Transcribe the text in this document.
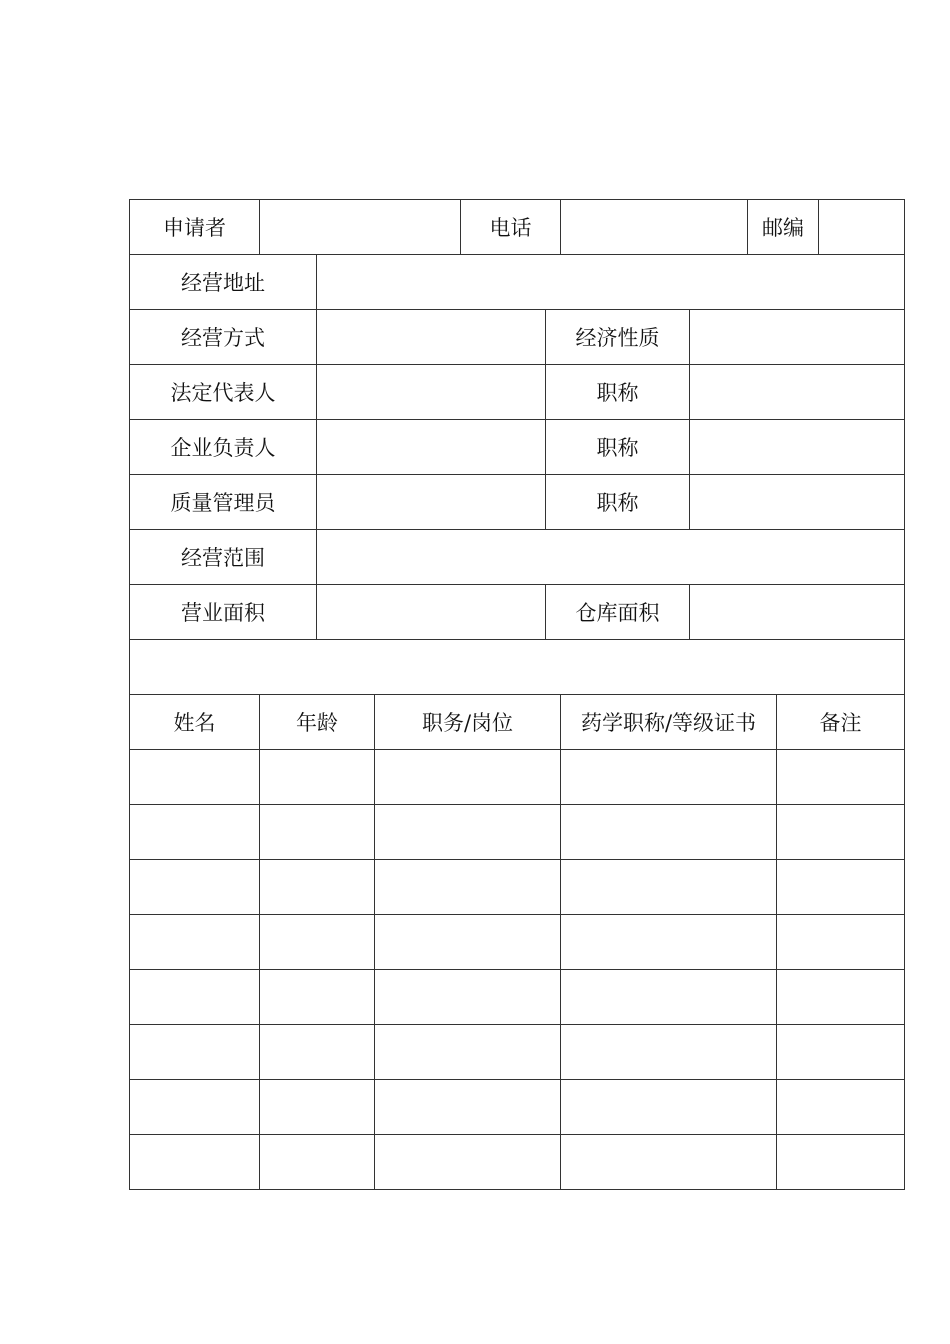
申请者	电话	邮编
经营地址
经营方式	经济性质
法定代表人	职称
企业负责人	职称
质量管理员	职称
经营范围
营业面积	仓库面积
姓名	年龄	职务/岗位	药学职称/等级证书	备注
